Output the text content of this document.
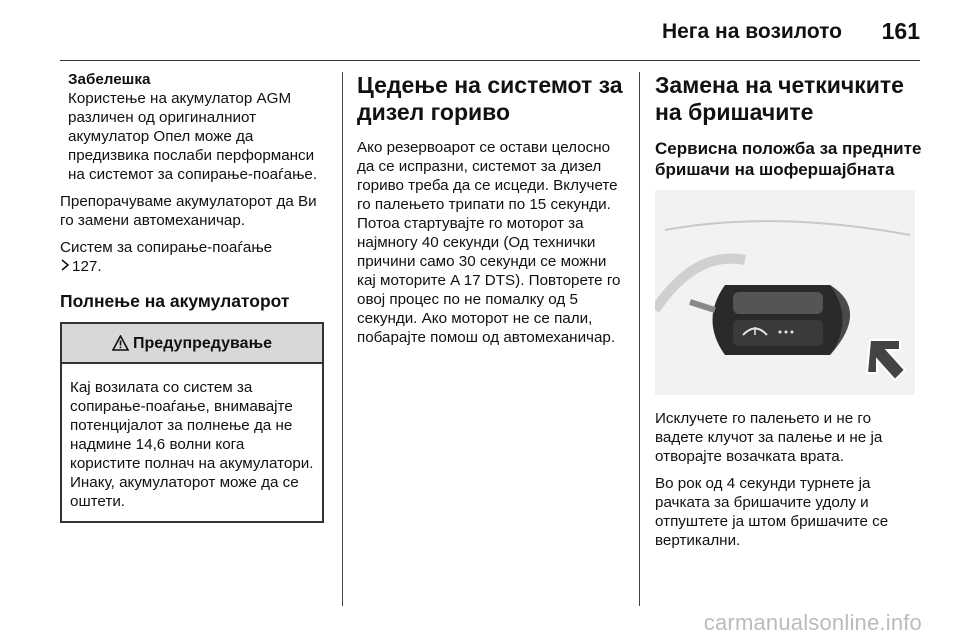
Нега на возилото 161
Забелешка
Користење на акумулатор AGM различен од оригиналниот акумулатор Опел може да предизвика послаби перформанси на системот за сопирање-поаѓање.

Препорачуваме акумулаторот да Ви го замени автомеханичар.

Систем за сопирање-поаѓање
127.

Полнење на акумулаторот
Предупредување
Кај возилата со систем за сопирање-поаѓање, внимавајте потенцијалот за полнење да не надмине 14,6 волни кога користите полнач на акумулатори. Инаку, акумулаторот може да се оштети.
Цедење на системот за дизел гориво

Ако резервоарот се остави целосно да се испразни, системот за дизел гориво треба да се исцеди. Вклучете го палењето трипати по 15 секунди. Потоа стартувајте го моторот за најмногу 40 секунди (Од технички причини само 30 секунди се можни кај моторите A 17 DTS). Повторете го овој процес по не помалку од 5 секунди. Ако моторот не се пали, побарајте помош од автомеханичар.

Замена на четкичките на бришачите
Сервисна положба за предните бришачи на шофершајбната

Исклучете го палењето и не го вадете клучот за палење и не ја отворајте возачката врата.

Во рок од 4 секунди турнете ја рачката за бришачите удолу и отпуштете ја штом бришачите се вертикални.

carmanualsonline.info
